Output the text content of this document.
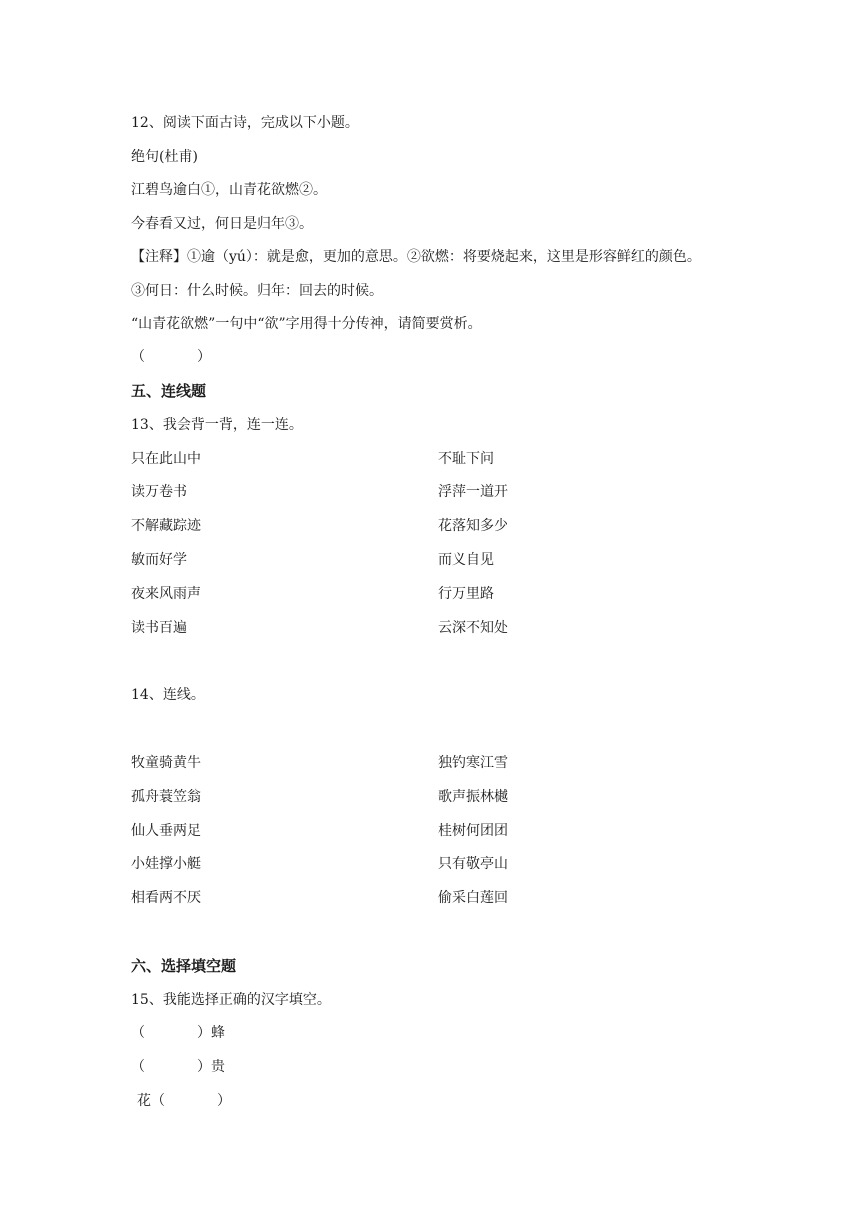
12、阅读下面古诗，完成以下小题。
绝句(杜甫)
江碧鸟逾白①，山青花欲燃②。
今春看又过，何日是归年③。
【注释】①逾（yú）：就是愈，更加的意思。②欲燃：将要烧起来，这里是形容鲜红的颜色。
③何日：什么时候。归年：回去的时候。
“山青花欲燃”一句中“欲”字用得十分传神，请简要赏析。
（	）
五、连线题
13、我会背一背，连一连。
只在此山中	不耻下问
读万卷书	浮萍一道开
不解藏踪迹	花落知多少
敏而好学	而义自见
夜来风雨声	行万里路
读书百遍	云深不知处
14、连线。
牧童骑黄牛	独钓寒江雪
孤舟蓑笠翁	歌声振林樾
仙人垂两足	桂树何团团
小娃撑小艇	只有敬亭山
相看两不厌	偷采白莲回
六、选择填空题
15、我能选择正确的汉字填空。
（	）蜂
（	）贵
花（	）
